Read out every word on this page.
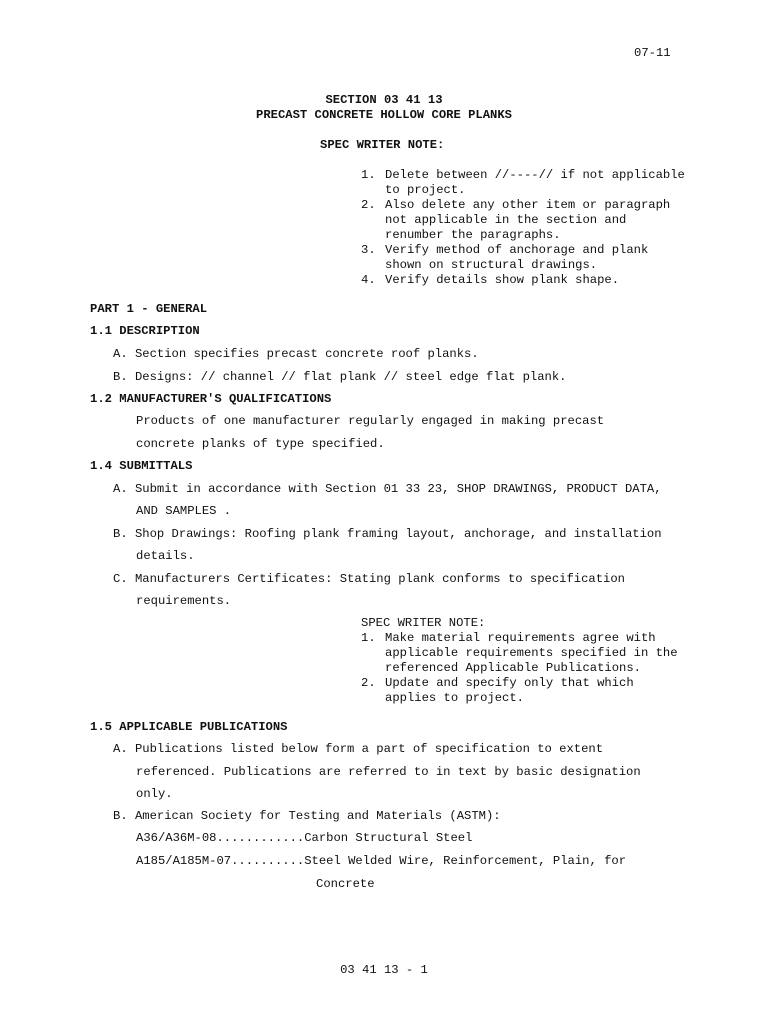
07-11
SECTION 03 41 13
PRECAST CONCRETE HOLLOW CORE PLANKS
SPEC WRITER NOTE:
1. Delete between //----// if not applicable to project.
2. Also delete any other item or paragraph not applicable in the section and renumber the paragraphs.
3. Verify method of anchorage and plank shown on structural drawings.
4. Verify details show plank shape.
PART 1 - GENERAL
1.1 DESCRIPTION
A. Section specifies precast concrete roof planks.
B. Designs: // channel // flat plank // steel edge flat plank.
1.2 MANUFACTURER'S QUALIFICATIONS
Products of one manufacturer regularly engaged in making precast
concrete planks of type specified.
1.4 SUBMITTALS
A. Submit in accordance with Section 01 33 23, SHOP DRAWINGS, PRODUCT DATA,
AND SAMPLES .
B. Shop Drawings: Roofing plank framing layout, anchorage, and installation
details.
C. Manufacturers Certificates: Stating plank conforms to specification
requirements.
SPEC WRITER NOTE:
1. Make material requirements agree with applicable requirements specified in the referenced Applicable Publications.
2. Update and specify only that which applies to project.
1.5 APPLICABLE PUBLICATIONS
A. Publications listed below form a part of specification to extent
referenced. Publications are referred to in text by basic designation
only.
B. American Society for Testing and Materials (ASTM):
A36/A36M-08............Carbon Structural Steel
A185/A185M-07..........Steel Welded Wire, Reinforcement, Plain, for
Concrete
03 41 13 - 1
